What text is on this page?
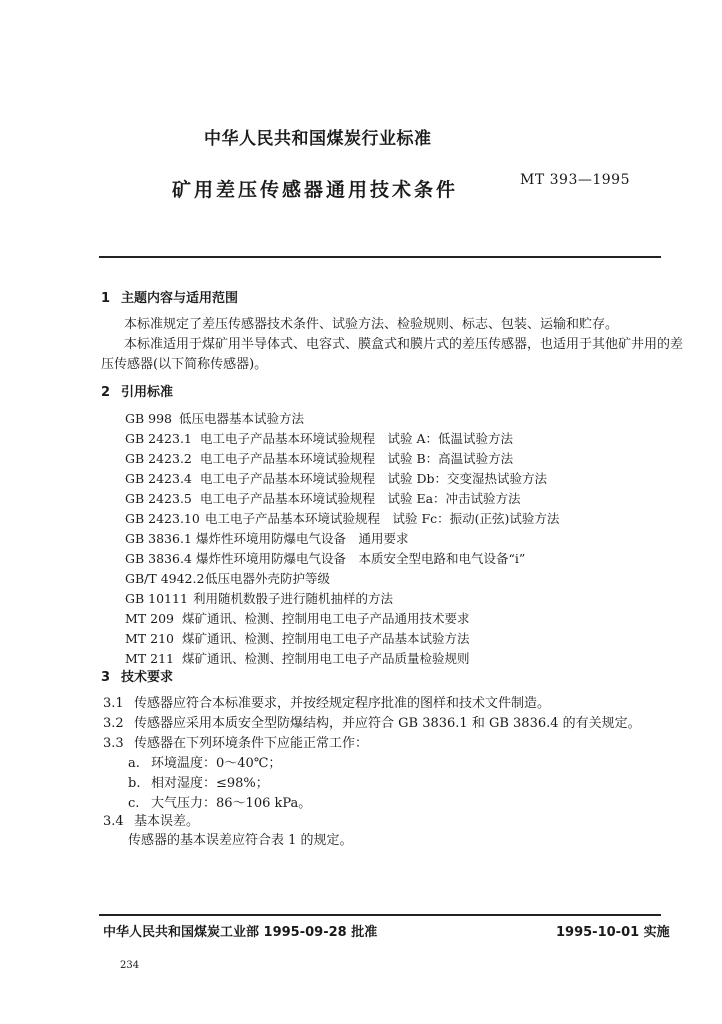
中华人民共和国煤炭行业标准
矿用差压传感器通用技术条件	MT 393—1995
1 主题内容与适用范围
本标准规定了差压传感器技术条件、试验方法、检验规则、标志、包装、运输和贮存。
本标准适用于煤矿用半导体式、电容式、膜盒式和膜片式的差压传感器，也适用于其他矿井用的差
压传感器(以下简称传感器)。
2 引用标准
GB 998 低压电器基本试验方法
GB 2423.1 电工电子产品基本环境试验规程　试验 A：低温试验方法
GB 2423.2 电工电子产品基本环境试验规程　试验 B：高温试验方法
GB 2423.4 电工电子产品基本环境试验规程　试验 Db：交变湿热试验方法
GB 2423.5 电工电子产品基本环境试验规程　试验 Ea：冲击试验方法
GB 2423.10 电工电子产品基本环境试验规程　试验 Fc：振动(正弦)试验方法
GB 3836.1 爆炸性环境用防爆电气设备　通用要求
GB 3836.4 爆炸性环境用防爆电气设备　本质安全型电路和电气设备“i”
GB/T 4942.2低压电器外壳防护等级
GB 10111 利用随机数骰子进行随机抽样的方法
MT 209 煤矿通讯、检测、控制用电工电子产品通用技术要求
MT 210 煤矿通讯、检测、控制用电工电子产品基本试验方法
MT 211 煤矿通讯、检测、控制用电工电子产品质量检验规则
3 技术要求
3.1 传感器应符合本标准要求，并按经规定程序批准的图样和技术文件制造。
3.2 传感器应采用本质安全型防爆结构，并应符合 GB 3836.1 和 GB 3836.4 的有关规定。
3.3 传感器在下列环境条件下应能正常工作：
a. 环境温度：0～40℃；
b. 相对湿度：≤98%；
c. 大气压力：86～106 kPa。
3.4 基本误差。
传感器的基本误差应符合表 1 的规定。
中华人民共和国煤炭工业部 1995-09-28 批准	1995-10-01 实施
234
